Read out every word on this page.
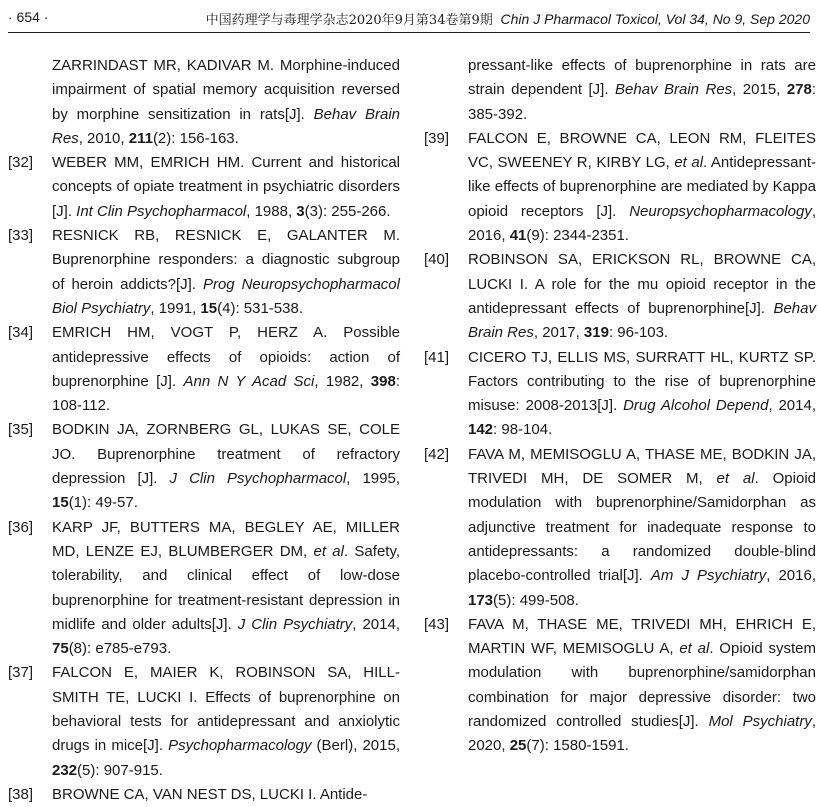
· 654 ·	中国药理学与毒理学杂志2020年9月第34卷第9期 Chin J Pharmacol Toxicol, Vol 34, No 9, Sep 2020
ZARRINDAST MR, KADIVAR M. Morphine-induced impairment of spatial memory acquisition reversed by morphine sensitization in rats[J]. Behav Brain Res, 2010, 211(2): 156-163.
[32] WEBER MM, EMRICH HM. Current and historical concepts of opiate treatment in psychiatric disorders [J]. Int Clin Psychopharmacol, 1988, 3(3): 255-266.
[33] RESNICK RB, RESNICK E, GALANTER M. Buprenorphine responders: a diagnostic subgroup of heroin addicts?[J]. Prog Neuropsychopharmacol Biol Psychiatry, 1991, 15(4): 531-538.
[34] EMRICH HM, VOGT P, HERZ A. Possible antidepressive effects of opioids: action of buprenorphine [J]. Ann N Y Acad Sci, 1982, 398: 108-112.
[35] BODKIN JA, ZORNBERG GL, LUKAS SE, COLE JO. Buprenorphine treatment of refractory depression [J]. J Clin Psychopharmacol, 1995, 15(1): 49-57.
[36] KARP JF, BUTTERS MA, BEGLEY AE, MILLER MD, LENZE EJ, BLUMBERGER DM, et al. Safety, tolerability, and clinical effect of low-dose buprenorphine for treatment-resistant depression in midlife and older adults[J]. J Clin Psychiatry, 2014, 75(8): e785-e793.
[37] FALCON E, MAIER K, ROBINSON SA, HILL-SMITH TE, LUCKI I. Effects of buprenorphine on behavioral tests for antidepressant and anxiolytic drugs in mice[J]. Psychopharmacology (Berl), 2015, 232(5): 907-915.
[38] BROWNE CA, VAN NEST DS, LUCKI I. Antide-
pressant-like effects of buprenorphine in rats are strain dependent [J]. Behav Brain Res, 2015, 278: 385-392.
[39] FALCON E, BROWNE CA, LEON RM, FLEITES VC, SWEENEY R, KIRBY LG, et al. Antidepressant-like effects of buprenorphine are mediated by Kappa opioid receptors [J]. Neuropsychopharmacology, 2016, 41(9): 2344-2351.
[40] ROBINSON SA, ERICKSON RL, BROWNE CA, LUCKI I. A role for the mu opioid receptor in the antidepressant effects of buprenorphine[J]. Behav Brain Res, 2017, 319: 96-103.
[41] CICERO TJ, ELLIS MS, SURRATT HL, KURTZ SP. Factors contributing to the rise of buprenorphine misuse: 2008-2013[J]. Drug Alcohol Depend, 2014, 142: 98-104.
[42] FAVA M, MEMISOGLU A, THASE ME, BODKIN JA, TRIVEDI MH, DE SOMER M, et al. Opioid modulation with buprenorphine/Samidorphan as adjunctive treatment for inadequate response to antidepressants: a randomized double-blind placebo-controlled trial[J]. Am J Psychiatry, 2016, 173(5): 499-508.
[43] FAVA M, THASE ME, TRIVEDI MH, EHRICH E, MARTIN WF, MEMISOGLU A, et al. Opioid system modulation with buprenorphine/samidorphan combination for major depressive disorder: two randomized controlled studies[J]. Mol Psychiatry, 2020, 25(7): 1580-1591.
